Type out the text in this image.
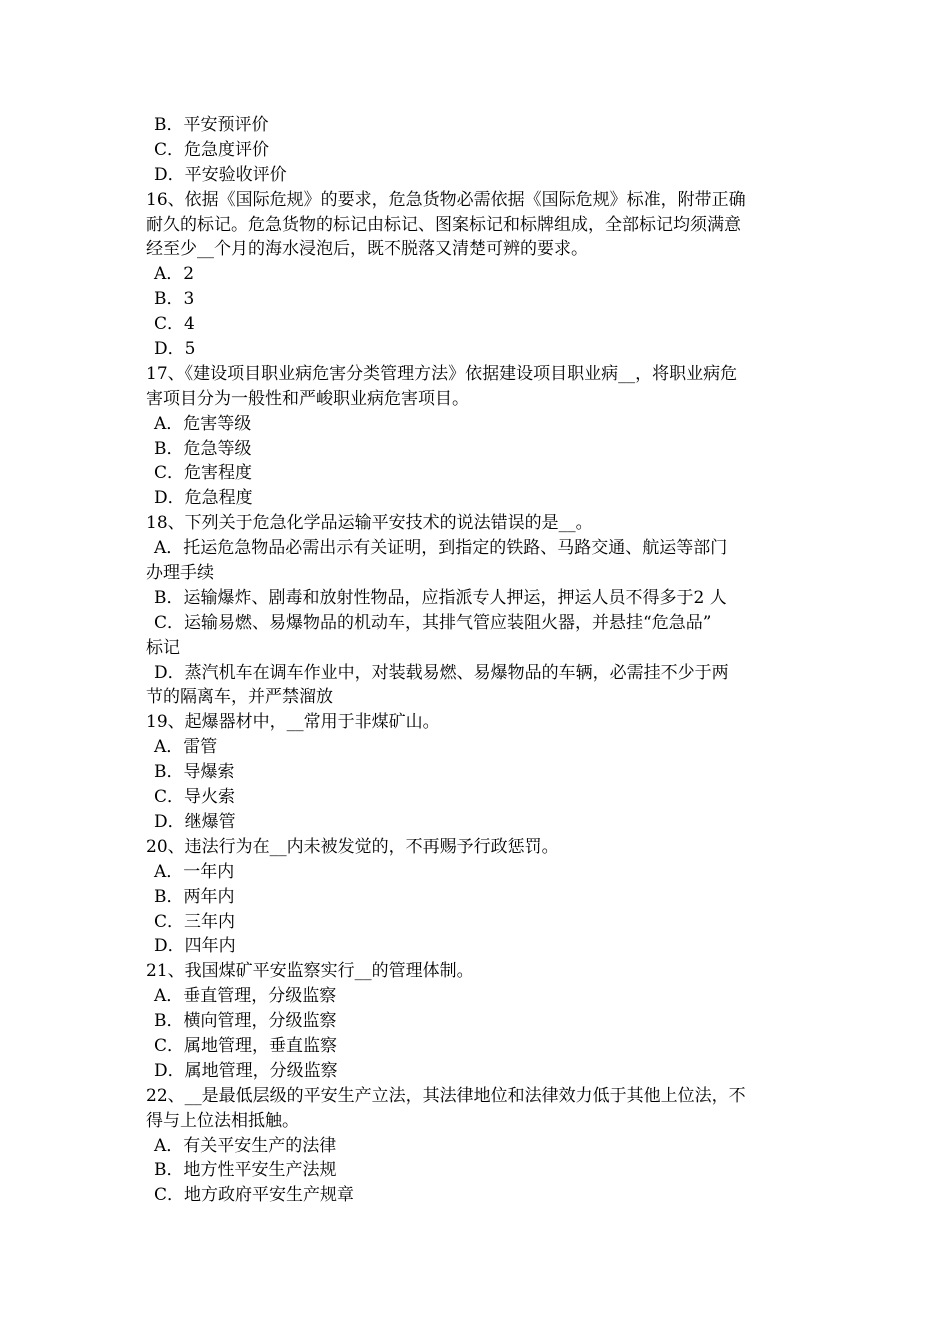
B．平安预评价
C．危急度评价
D．平安验收评价
16、依据《国际危规》的要求，危急货物必需依据《国际危规》标准，附带正确
耐久的标记。危急货物的标记由标记、图案标记和标牌组成，全部标记均须满意
经至少__个月的海水浸泡后，既不脱落又清楚可辨的要求。
A．2
B．3
C．4
D．5
17、《建设项目职业病危害分类管理方法》依据建设项目职业病__，将职业病危
害项目分为一般性和严峻职业病危害项目。
A．危害等级
B．危急等级
C．危害程度
D．危急程度
18、下列关于危急化学品运输平安技术的说法错误的是__。
A．托运危急物品必需出示有关证明，到指定的铁路、马路交通、航运等部门
办理手续
B．运输爆炸、剧毒和放射性物品，应指派专人押运，押运人员不得多于2 人
C．运输易燃、易爆物品的机动车，其排气管应装阻火器，并悬挂“危急品”
标记
D．蒸汽机车在调车作业中，对装载易燃、易爆物品的车辆，必需挂不少于两
节的隔离车，并严禁溜放
19、起爆器材中，__常用于非煤矿山。
A．雷管
B．导爆索
C．导火索
D．继爆管
20、违法行为在__内未被发觉的，不再赐予行政惩罚。
A．一年内
B．两年内
C．三年内
D．四年内
21、我国煤矿平安监察实行__的管理体制。
A．垂直管理，分级监察
B．横向管理，分级监察
C．属地管理，垂直监察
D．属地管理，分级监察
22、__是最低层级的平安生产立法，其法律地位和法律效力低于其他上位法，不
得与上位法相抵触。
A．有关平安生产的法律
B．地方性平安生产法规
C．地方政府平安生产规章
